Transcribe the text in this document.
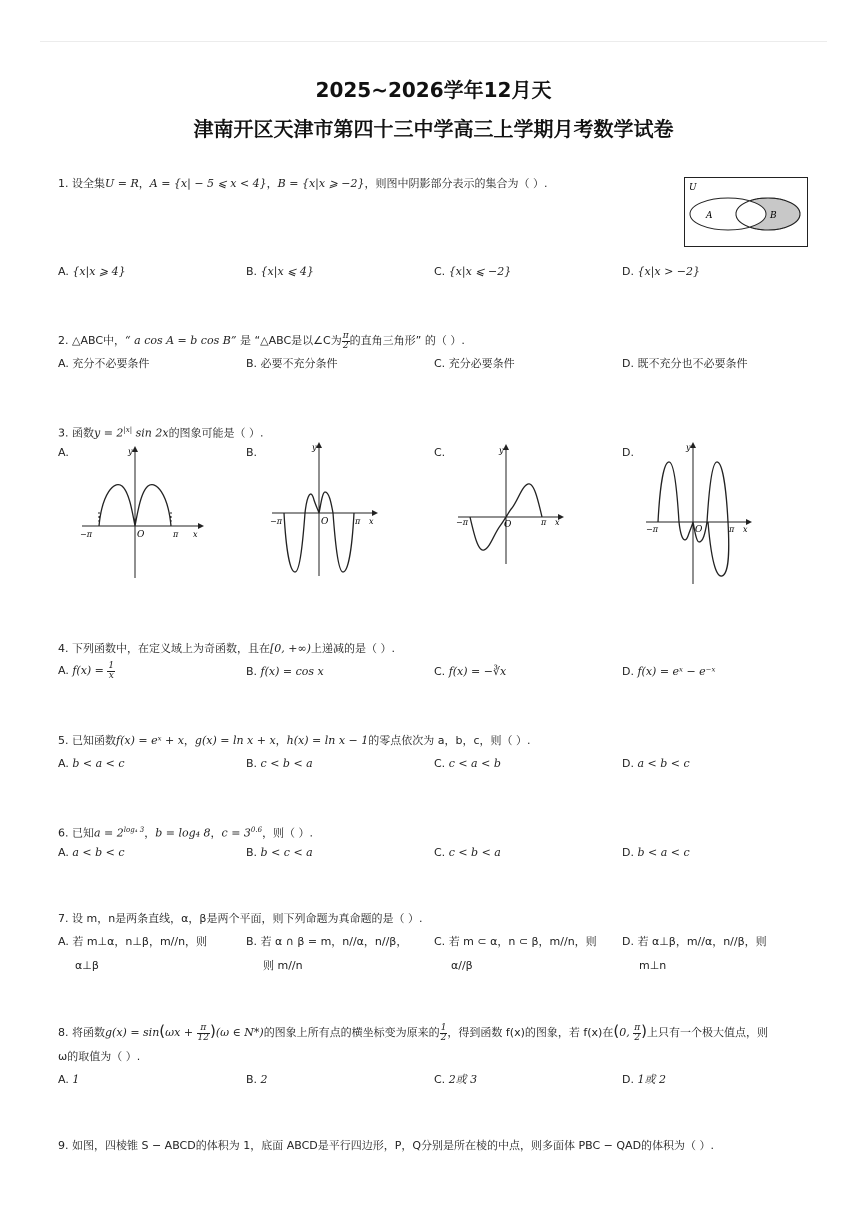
2025~2026学年12月天
津南开区天津市第四十三中学高三上学期月考数学试卷
1. 设全集U = R，A = {x| − 5 ⩽ x < 4}，B = {x|x ⩾ −2}，则图中阴影部分表示的集合为（ ）.	U
A	B
A. {x|x ⩾ 4}	B. {x|x ⩽ 4}	C. {x|x ⩽ −2}	D. {x|x > −2}
2. △ABC中，“ a cos A = b cos B” 是 “△ABC是以∠C为 $\frac{\pi}{2}$ 的直角三角形” 的（ ）.
A. 充分不必要条件	B. 必要不充分条件	C. 充分必要条件	D. 既不充分也不必要条件
3. 函数$y = 2^{|x|}$ sin 2x的图象可能是（ ）.
A.	B.	C.	D.
−π	π
O	x
y
−π	π
O	x
y
−π	π
O	x
y
−π	π
O	x
y
4. 下列函数中，在定义域上为奇函数，且在[0, +∞)上递减的是（ ）.
A. $f(x) = \frac{1}{x}$	B. f(x) = cos x	C. f(x) = −∛x	D. f(x) = eˣ − e⁻ˣ
5. 已知函数f(x) = eˣ + x，g(x) = ln x + x，h(x) = ln x − 1的零点依次为 a，b，c，则（ ）.
A. b < a < c	B. c < b < a	C. c < a < b	D. a < b < c
6. 已知$a = 2^{log_4 3}$，b = log₄ 8，$c = 3^{0.6}$，则（ ）.
A. a < b < c	B. b < c < a	C. c < b < a	D. b < a < c
7. 设 m，n是两条直线，α，β是两个平面，则下列命题为真命题的是（ ）.
A. 若 m⊥α，n⊥β，m//n，则
α⊥β
B. 若 α ∩ β = m，n//α，n//β，
则 m//n
C. 若 m ⊂ α，n ⊂ β，m//n，则
α//β
D. 若 α⊥β，m//α，n//β，则
m⊥n
8. 将函数$g(x) = \sin(\omega x + \frac{\pi}{12} )(\omega$ ∈ N*)的图象上所有点的横坐标变为原来的 $\frac{1}{2}$ ，得到函数 f(x)的图象，若 f(x)在(0, $\frac{\pi}{2}$ )上只有一个极大值点，则
ω的取值为（ ）.
A. 1	B. 2	C. 2或 3	D. 1或 2
9. 如图，四棱锥 S − ABCD的体积为 1，底面 ABCD是平行四边形，P，Q分别是所在棱的中点，则多面体 PBC − QAD的体积为（ ）.
